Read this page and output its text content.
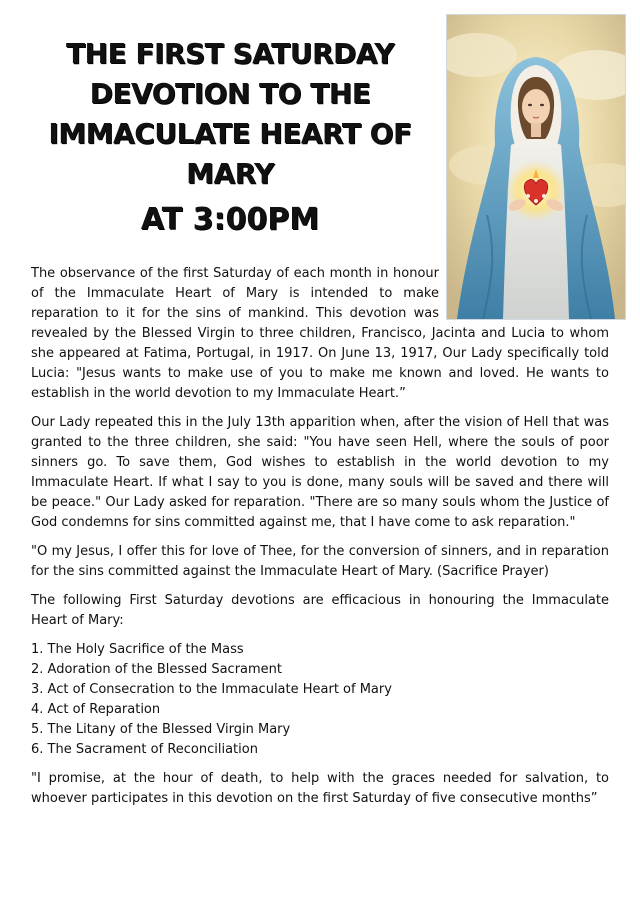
THE FIRST SATURDAY
DEVOTION TO THE
IMMACULATE HEART OF
MARY
AT 3:00PM

The observance of the first Saturday of each month in honour of the Immaculate Heart of Mary is intended to make reparation to it for the sins of mankind. This devotion was revealed by the Blessed Virgin to three children, Francisco, Jacinta and Lucia to whom she appeared at Fatima, Portugal, in 1917. On June 13, 1917, Our Lady specifically told Lucia: "Jesus wants to make use of you to make me known and loved. He wants to establish in the world devotion to my Immaculate Heart.”

Our Lady repeated this in the July 13th apparition when, after the vision of Hell that was granted to the three children, she said: "You have seen Hell, where the souls of poor sinners go. To save them, God wishes to establish in the world devotion to my Immaculate Heart. If what I say to you is done, many souls will be saved and there will be peace." Our Lady asked for reparation. "There are so many souls whom the Justice of God condemns for sins committed against me, that I have come to ask reparation."

"O my Jesus, I offer this for love of Thee, for the conversion of sinners, and in reparation for the sins committed against the Immaculate Heart of Mary. (Sacrifice Prayer)

The following First Saturday devotions are efficacious in honouring the Immaculate Heart of Mary:

1. The Holy Sacrifice of the Mass
2. Adoration of the Blessed Sacrament
3. Act of Consecration to the Immaculate Heart of Mary
4. Act of Reparation
5. The Litany of the Blessed Virgin Mary
6. The Sacrament of Reconciliation

"I promise, at the hour of death, to help with the graces needed for salvation, to whoever participates in this devotion on the first Saturday of five consecutive months”
